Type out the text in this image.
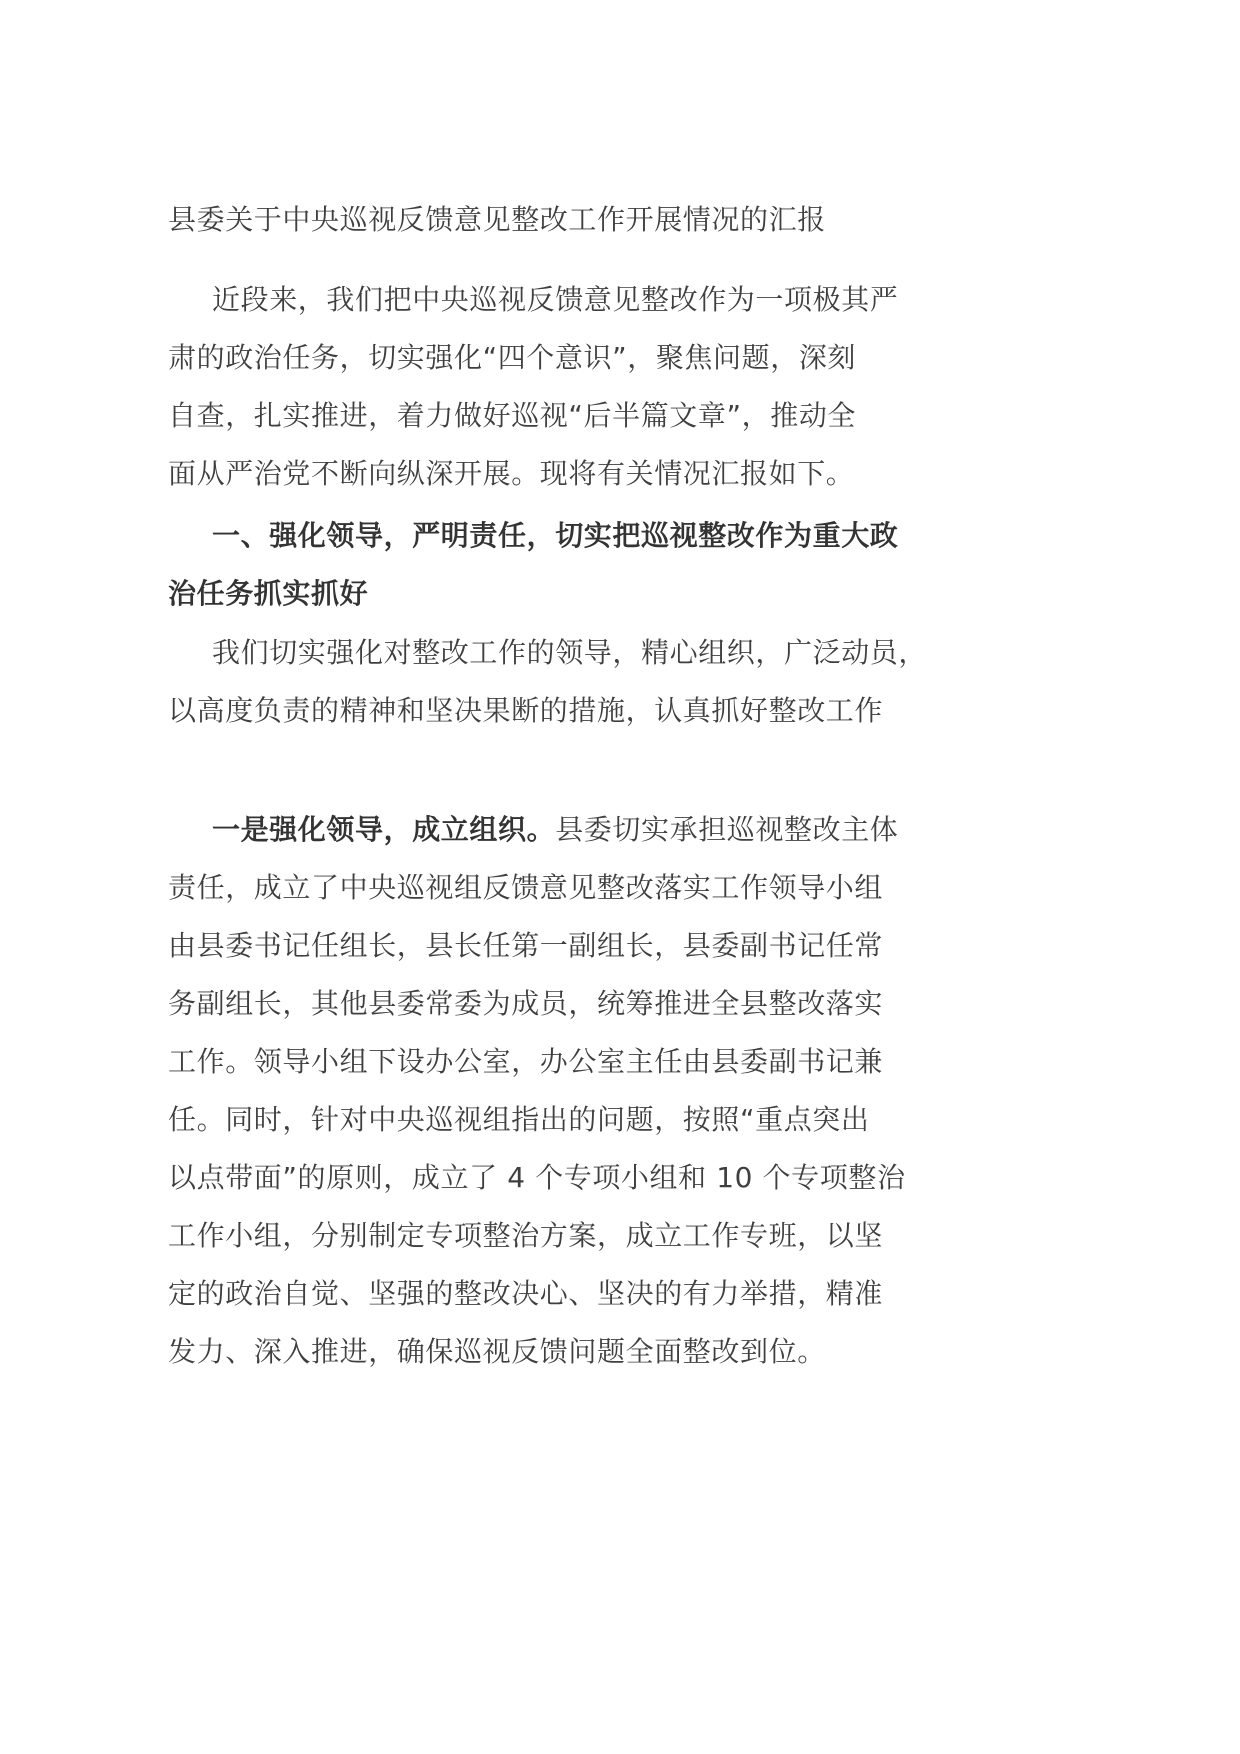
县委关于中央巡视反馈意见整改工作开展情况的汇报
近段来，我们把中央巡视反馈意见整改作为一项极其严
肃的政治任务，切实强化“四个意识”，聚焦问题，深刻
自查，扎实推进，着力做好巡视“后半篇文章”，推动全
面从严治党不断向纵深开展。现将有关情况汇报如下。
一、强化领导，严明责任，切实把巡视整改作为重大政
治任务抓实抓好
我们切实强化对整改工作的领导，精心组织，广泛动员，
以高度负责的精神和坚决果断的措施，认真抓好整改工作
一是强化领导，成立组织。县委切实承担巡视整改主体
责任，成立了中央巡视组反馈意见整改落实工作领导小组
由县委书记任组长，县长任第一副组长，县委副书记任常
务副组长，其他县委常委为成员，统筹推进全县整改落实
工作。领导小组下设办公室，办公室主任由县委副书记兼
任。同时，针对中央巡视组指出的问题，按照“重点突出
以点带面”的原则，成立了 4 个专项小组和 10 个专项整治
工作小组，分别制定专项整治方案，成立工作专班，以坚
定的政治自觉、坚强的整改决心、坚决的有力举措，精准
发力、深入推进，确保巡视反馈问题全面整改到位。
